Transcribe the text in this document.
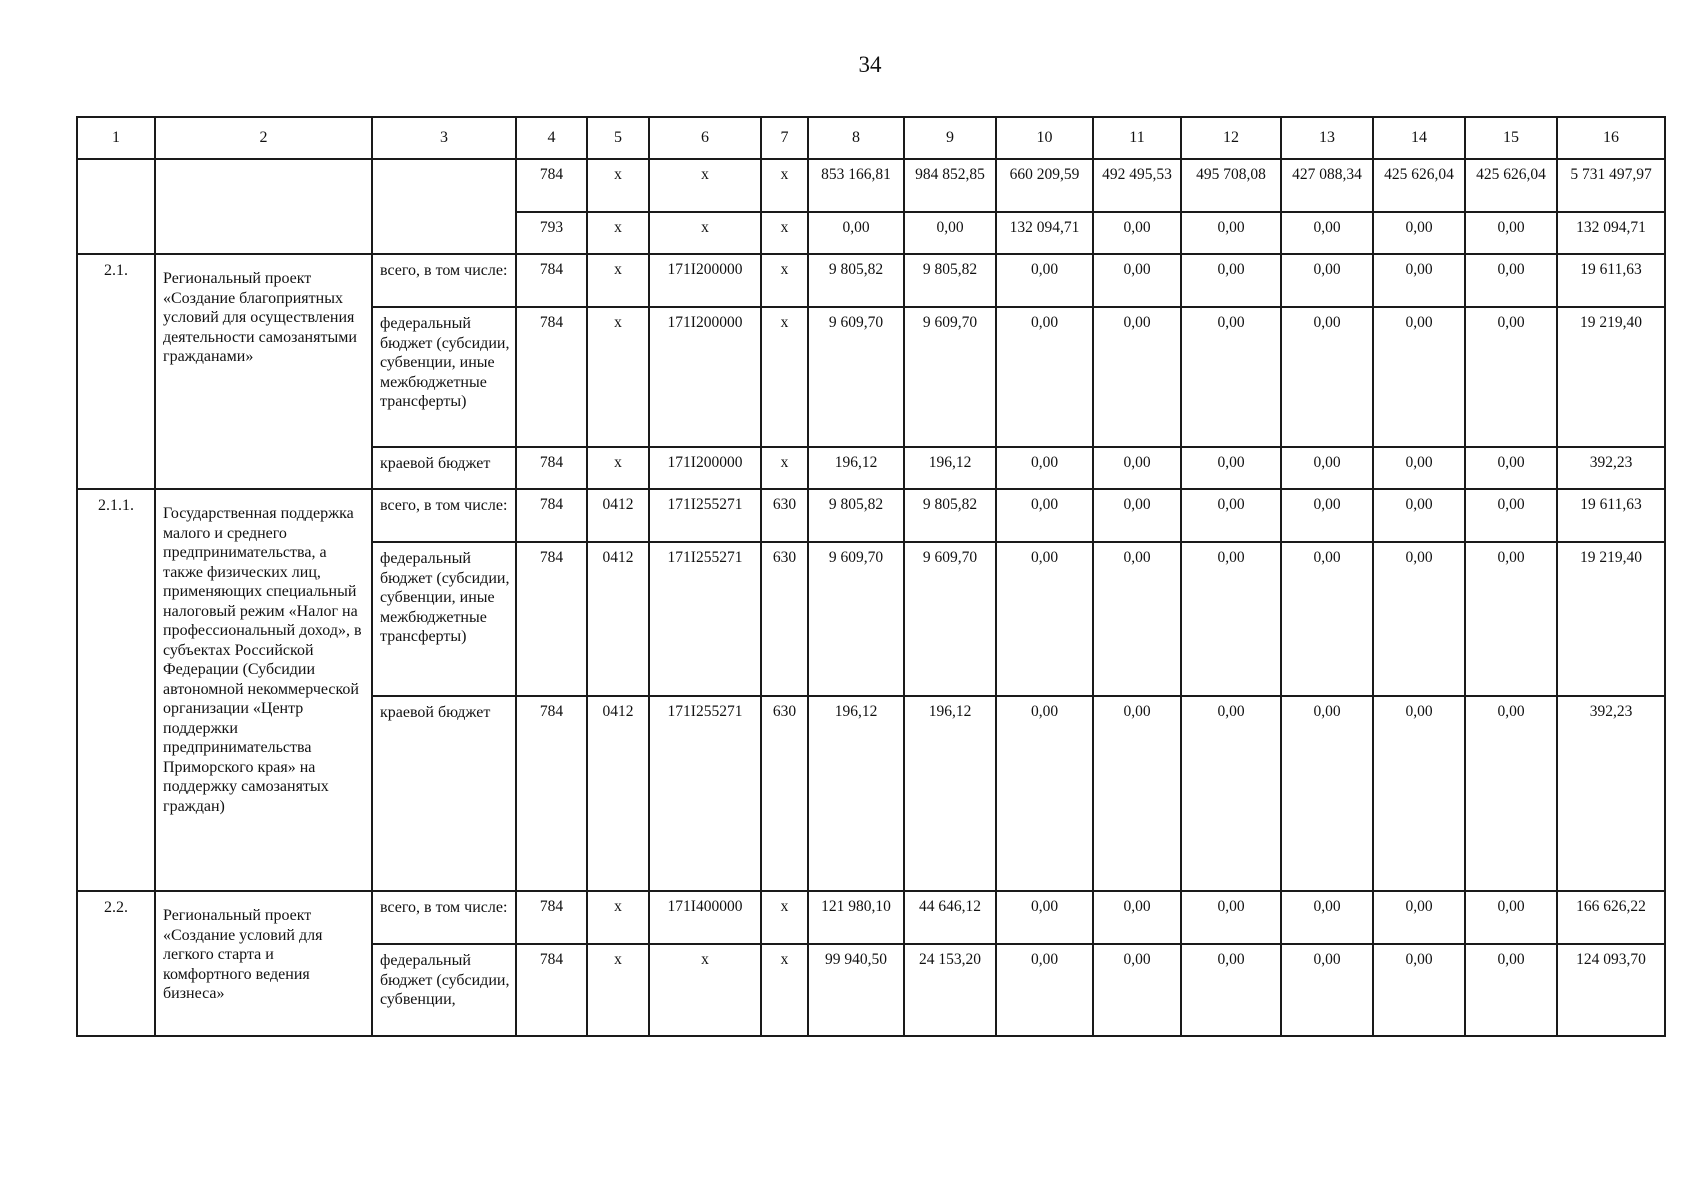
34
1	2	3	4	5	6	7	8	9	10	11	12	13	14	15	16
			784	х	х	х	853 166,81	984 852,85	660 209,59	492 495,53	495 708,08	427 088,34	425 626,04	425 626,04	5 731 497,97
			793	х	х	х	0,00	0,00	132 094,71	0,00	0,00	0,00	0,00	0,00	132 094,71
2.1.	Региональный проект «Создание благоприятных условий для осуществления деятельности самозанятыми гражданами»	всего, в том числе:	784	х	171I200000	х	9 805,82	9 805,82	0,00	0,00	0,00	0,00	0,00	0,00	19 611,63
		федеральный бюджет (субсидии, субвенции, иные межбюджетные трансферты)	784	х	171I200000	х	9 609,70	9 609,70	0,00	0,00	0,00	0,00	0,00	0,00	19 219,40
		краевой бюджет	784	х	171I200000	х	196,12	196,12	0,00	0,00	0,00	0,00	0,00	0,00	392,23
2.1.1.	Государственная поддержка малого и среднего предпринимательства, а также физических лиц, применяющих специальный налоговый режим «Налог на профессиональный доход», в субъектах Российской Федерации (Субсидии автономной некоммерческой организации «Центр поддержки предпринимательства Приморского края» на поддержку самозанятых граждан)	всего, в том числе:	784	0412	171I255271	630	9 805,82	9 805,82	0,00	0,00	0,00	0,00	0,00	0,00	19 611,63
		федеральный бюджет (субсидии, субвенции, иные межбюджетные трансферты)	784	0412	171I255271	630	9 609,70	9 609,70	0,00	0,00	0,00	0,00	0,00	0,00	19 219,40
		краевой бюджет	784	0412	171I255271	630	196,12	196,12	0,00	0,00	0,00	0,00	0,00	0,00	392,23
2.2.	Региональный проект «Создание условий для легкого старта и комфортного ведения бизнеса»	всего, в том числе:	784	х	171I400000	х	121 980,10	44 646,12	0,00	0,00	0,00	0,00	0,00	0,00	166 626,22
		федеральный бюджет (субсидии, субвенции,	784	х	х	х	99 940,50	24 153,20	0,00	0,00	0,00	0,00	0,00	0,00	124 093,70
